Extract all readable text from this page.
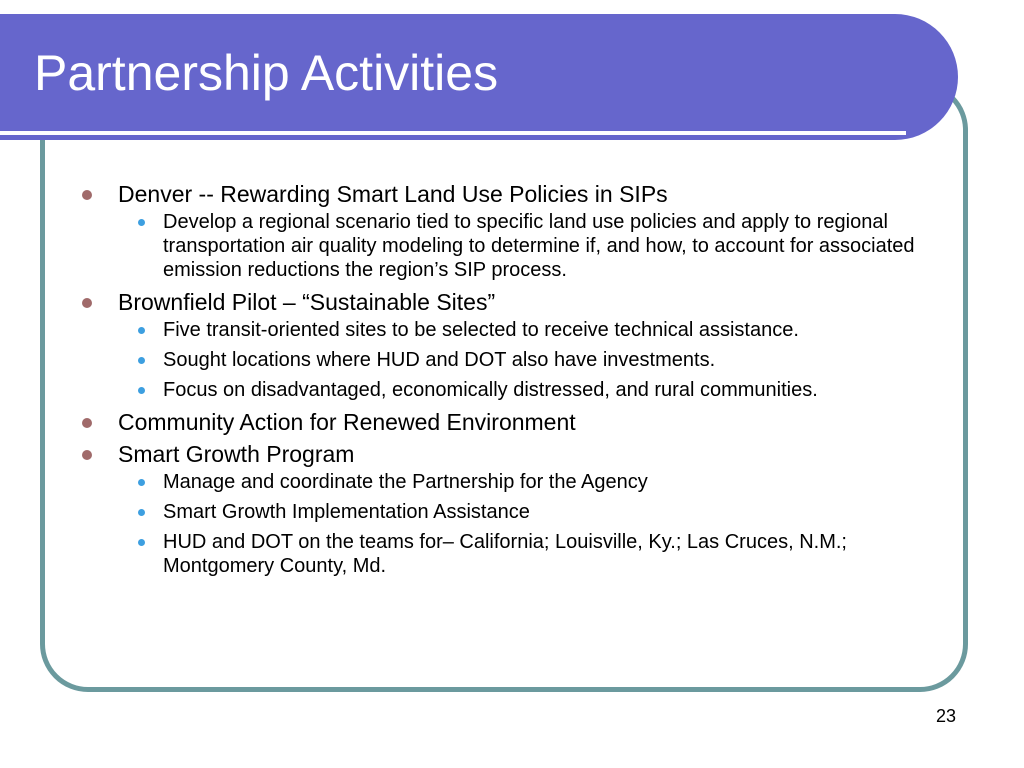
Partnership Activities
Denver -- Rewarding Smart Land Use Policies in SIPs
Develop a regional scenario tied to specific land use policies and apply to regional transportation air quality modeling to determine if, and how, to account for associated emission reductions the region’s SIP process.
Brownfield Pilot – “Sustainable Sites”
Five transit-oriented sites to be selected to receive technical assistance.
Sought locations where HUD and DOT also have investments.
Focus on disadvantaged, economically distressed, and rural communities.
Community Action for Renewed Environment
Smart Growth Program
Manage and coordinate the Partnership for the Agency
Smart Growth Implementation Assistance
HUD and DOT on the teams for– California; Louisville, Ky.; Las Cruces, N.M.; Montgomery County, Md.
23
